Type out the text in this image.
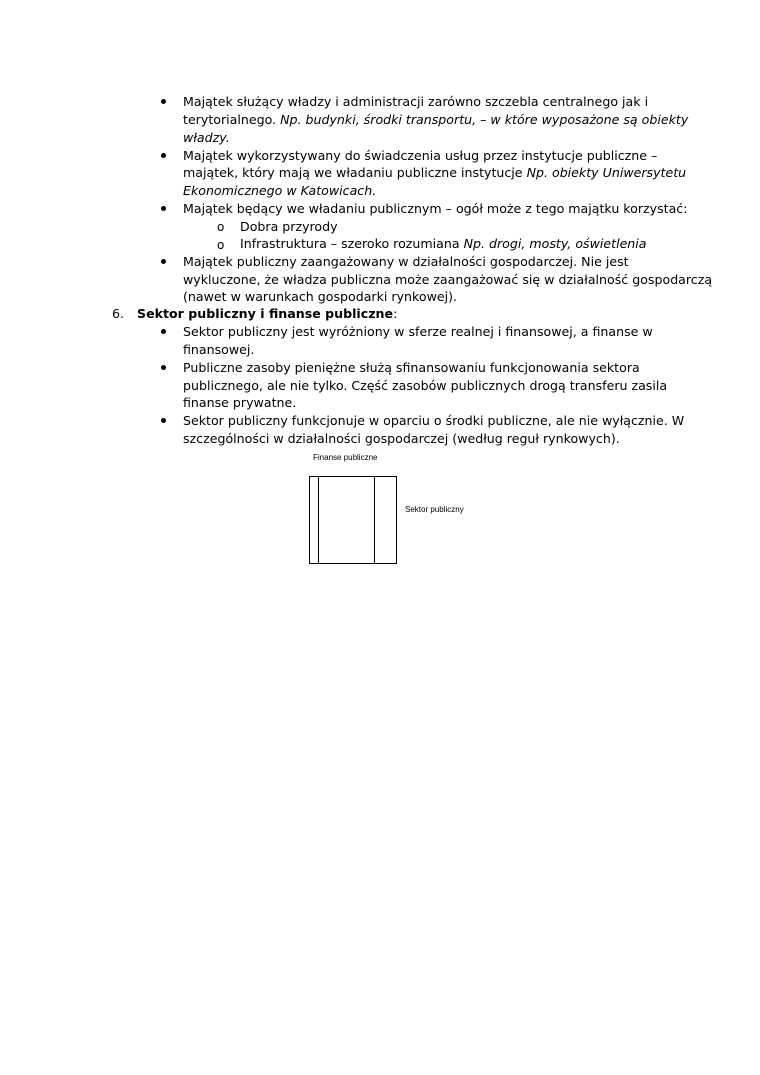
Majątek służący władzy i administracji zarówno szczebla centralnego jak i
terytorialnego. Np. budynki, środki transportu, – w które wyposażone są obiekty
władzy.
Majątek wykorzystywany do świadczenia usług przez instytucje publiczne –
majątek, który mają we władaniu publiczne instytucje Np. obiekty Uniwersytetu
Ekonomicznego w Katowicach.
Majątek będący we władaniu publicznym – ogół może z tego majątku korzystać:
o Dobra przyrody
o Infrastruktura – szeroko rozumiana Np. drogi, mosty, oświetlenia
Majątek publiczny zaangażowany w działalności gospodarczej. Nie jest
wykluczone, że władza publiczna może zaangażować się w działalność gospodarczą
(nawet w warunkach gospodarki rynkowej).
6. Sektor publiczny i finanse publiczne:
Sektor publiczny jest wyróżniony w sferze realnej i finansowej, a finanse w
finansowej.
Publiczne zasoby pieniężne służą sfinansowaniu funkcjonowania sektora
publicznego, ale nie tylko. Część zasobów publicznych drogą transferu zasila
finanse prywatne.
Sektor publiczny funkcjonuje w oparciu o środki publiczne, ale nie wyłącznie. W
szczególności w działalności gospodarczej (według reguł rynkowych).
Finanse publiczne
Sektor publiczny
